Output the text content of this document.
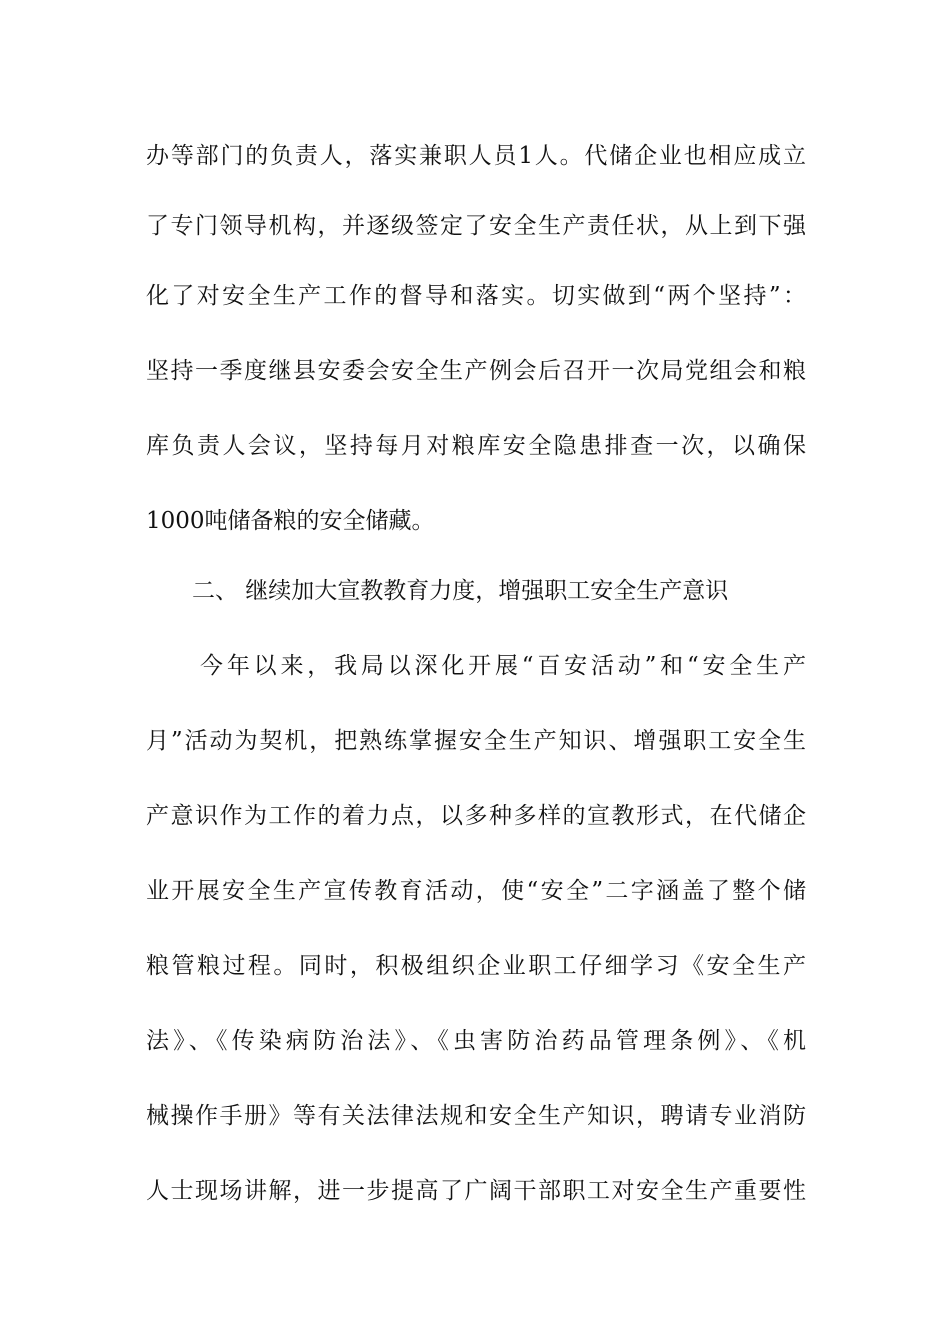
办等部门的负责人，落实兼职人员1人。代储企业也相应成立
了专门领导机构，并逐级签定了安全生产责任状，从上到下强
化了对安全生产工作的督导和落实。切实做到“两个坚持”：
坚持一季度继县安委会安全生产例会后召开一次局党组会和粮
库负责人会议，坚持每月对粮库安全隐患排查一次，以确保
1000吨储备粮的安全储藏。
二、 继续加大宣教教育力度，增强职工安全生产意识
今年以来，我局以深化开展“百安活动”和“安全生产
月”活动为契机，把熟练掌握安全生产知识、增强职工安全生
产意识作为工作的着力点，以多种多样的宣教形式，在代储企
业开展安全生产宣传教育活动，使“安全”二字涵盖了整个储
粮管粮过程。同时，积极组织企业职工仔细学习《安全生产
法》、《传染病防治法》、《虫害防治药品管理条例》、《机
械操作手册》等有关法律法规和安全生产知识，聘请专业消防
人士现场讲解，进一步提高了广阔干部职工对安全生产重要性
